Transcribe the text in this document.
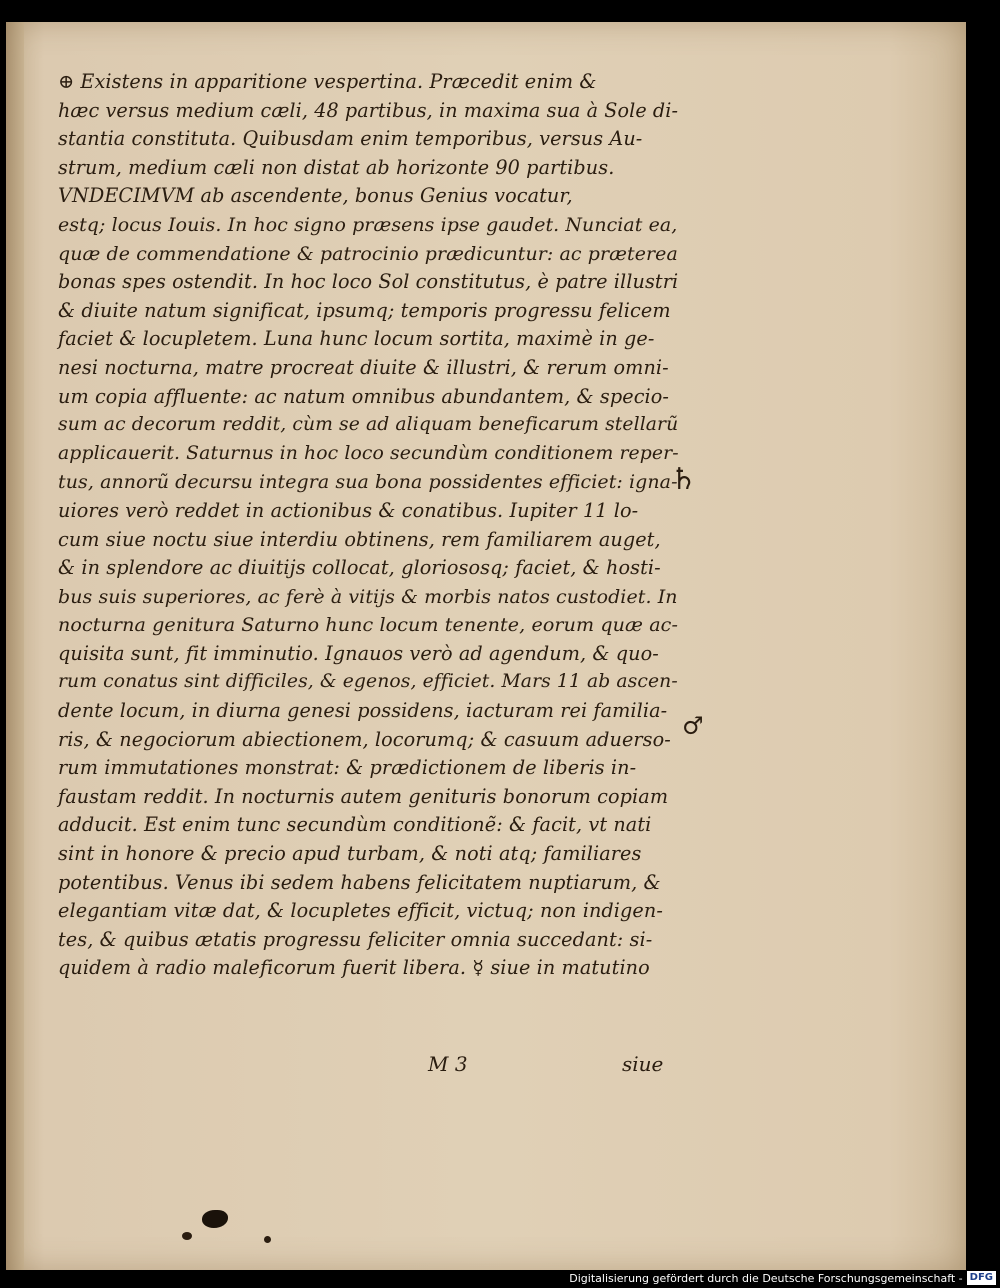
⊕ Existens in apparitione vespertina. Præcedit enim &
hæc versus medium cæli, 48 partibus, in maxima sua à Sole di-
stantia constituta. Quibusdam enim temporibus, versus Au-
strum, medium cæli non distat ab horizonte 90 partibus.
VNDECIMVM ab ascendente, bonus Genius vocatur,
estq; locus Iouis. In hoc signo præsens ipse gaudet. Nunciat ea,
quæ de commendatione & patrocinio prædicuntur: ac præterea
bonas spes ostendit. In hoc loco Sol constitutus, è patre illustri
& diuite natum significat, ipsumq; temporis progressu felicem
faciet & locupletem. Luna hunc locum sortita, maximè in ge-
nesi nocturna, matre procreat diuite & illustri, & rerum omni-
um copia affluente: ac natum omnibus abundantem, & specio-
sum ac decorum reddit, cùm se ad aliquam beneficarum stellarũ
applicauerit. Saturnus in hoc loco secundùm conditionem reper-
tus, annorũ decursu integra sua bona possidentes efficiet: igna-
uiores verò reddet in actionibus & conatibus. Iupiter 11 lo-
cum siue noctu siue interdiu obtinens, rem familiarem auget,
& in splendore ac diuitijs collocat, gloriososq; faciet, & hosti-
bus suis superiores, ac ferè à vitijs & morbis natos custodiet. In
nocturna genitura Saturno hunc locum tenente, eorum quæ ac-
quisita sunt, fit imminutio. Ignauos verò ad agendum, & quo-
rum conatus sint difficiles, & egenos, efficiet. Mars 11 ab ascen-
dente locum, in diurna genesi possidens, iacturam rei familia-
ris, & negociorum abiectionem, locorumq; & casuum aduerso-
rum immutationes monstrat: & prædictionem de liberis in-
faustam reddit. In nocturnis autem genituris bonorum copiam
adducit. Est enim tunc secundùm conditionẽ: & facit, vt nati
sint in honore & precio apud turbam, & noti atq; familiares
potentibus. Venus ibi sedem habens felicitatem nuptiarum, &
elegantiam vitæ dat, & locupletes efficit, victuq; non indigen-
tes, & quibus ætatis progressu feliciter omnia succedant: si-
quidem à radio maleficorum fuerit libera. ☿ siue in matutino
♄
♂
M 3	siue
Digitalisierung gefördert durch die Deutsche Forschungsgemeinschaft - DFG
